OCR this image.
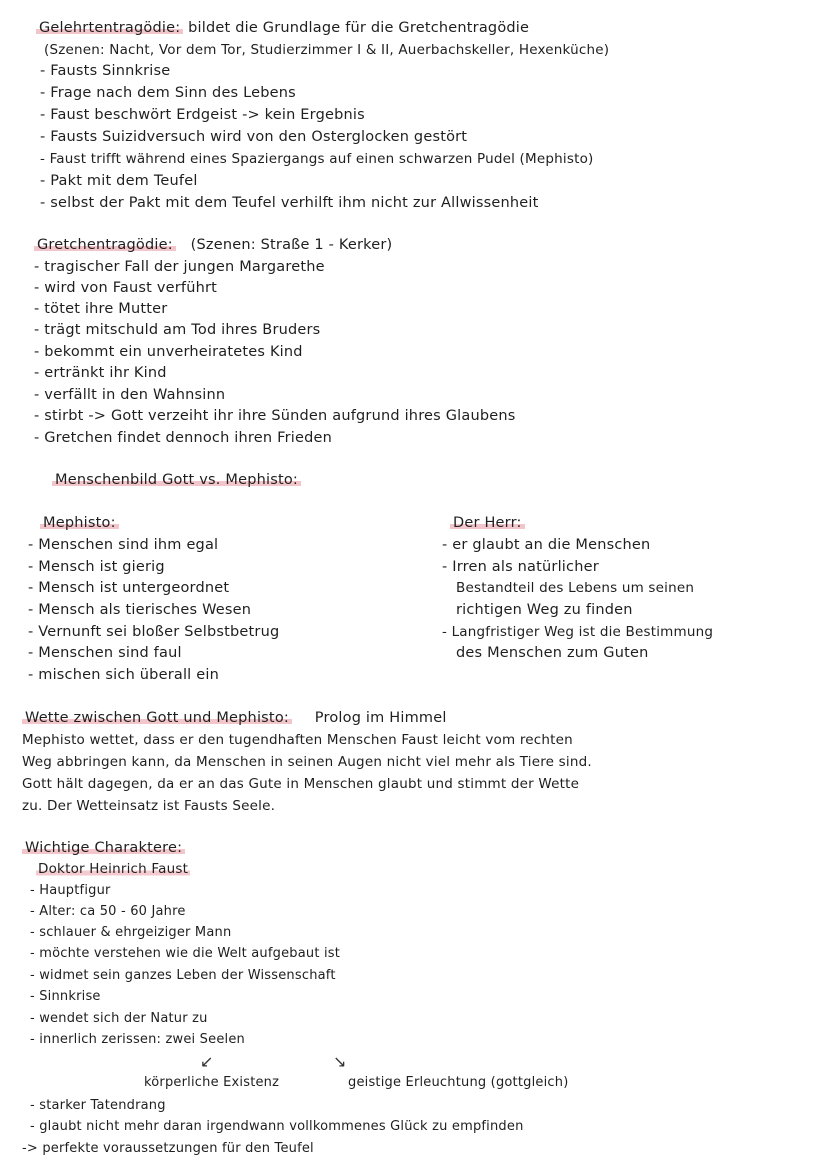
Gelehrtentragödie: bildet die Grundlage für die Gretchentragödie
(Szenen: Nacht, Vor dem Tor, Studierzimmer I & II, Auerbachskeller, Hexenküche)
- Fausts Sinnkrise
- Frage nach dem Sinn des Lebens
- Faust beschwört Erdgeist -> kein Ergebnis
- Fausts Suizidversuch wird von den Osterglocken gestört
- Faust trifft während eines Spaziergangs auf einen schwarzen Pudel (Mephisto)
- Pakt mit dem Teufel
- selbst der Pakt mit dem Teufel verhilft ihm nicht zur Allwissenheit
Gretchentragödie: (Szenen: Straße 1 - Kerker)
- tragischer Fall der jungen Margarethe
- wird von Faust verführt
- tötet ihre Mutter
- trägt mitschuld am Tod ihres Bruders
- bekommt ein unverheiratetes Kind
- ertränkt ihr Kind
- verfällt in den Wahnsinn
- stirbt -> Gott verzeiht ihr ihre Sünden aufgrund ihres Glaubens
- Gretchen findet dennoch ihren Frieden
Menschenbild Gott vs. Mephisto:
Mephisto:
- Menschen sind ihm egal
- Mensch ist gierig
- Mensch ist untergeordnet
- Mensch als tierisches Wesen
- Vernunft sei bloßer Selbstbetrug
- Menschen sind faul
- mischen sich überall ein
Der Herr:
- er glaubt an die Menschen
- Irren als natürlicher
Bestandteil des Lebens um seinen
richtigen Weg zu finden
- Langfristiger Weg ist die Bestimmung
des Menschen zum Guten
Wette zwischen Gott und Mephisto: Prolog im Himmel
Mephisto wettet, dass er den tugendhaften Menschen Faust leicht vom rechten
Weg abbringen kann, da Menschen in seinen Augen nicht viel mehr als Tiere sind.
Gott hält dagegen, da er an das Gute in Menschen glaubt und stimmt der Wette
zu. Der Wetteinsatz ist Fausts Seele.
Wichtige Charaktere:
Doktor Heinrich Faust
- Hauptfigur
- Alter: ca 50 - 60 Jahre
- schlauer & ehrgeiziger Mann
- möchte verstehen wie die Welt aufgebaut ist
- widmet sein ganzes Leben der Wissenschaft
- Sinnkrise
- wendet sich der Natur zu
- innerlich zerissen: zwei Seelen
↙	↘
körperliche Existenz	geistige Erleuchtung (gottgleich)
- starker Tatendrang
- glaubt nicht mehr daran irgendwann vollkommenes Glück zu empfinden
-> perfekte voraussetzungen für den Teufel
